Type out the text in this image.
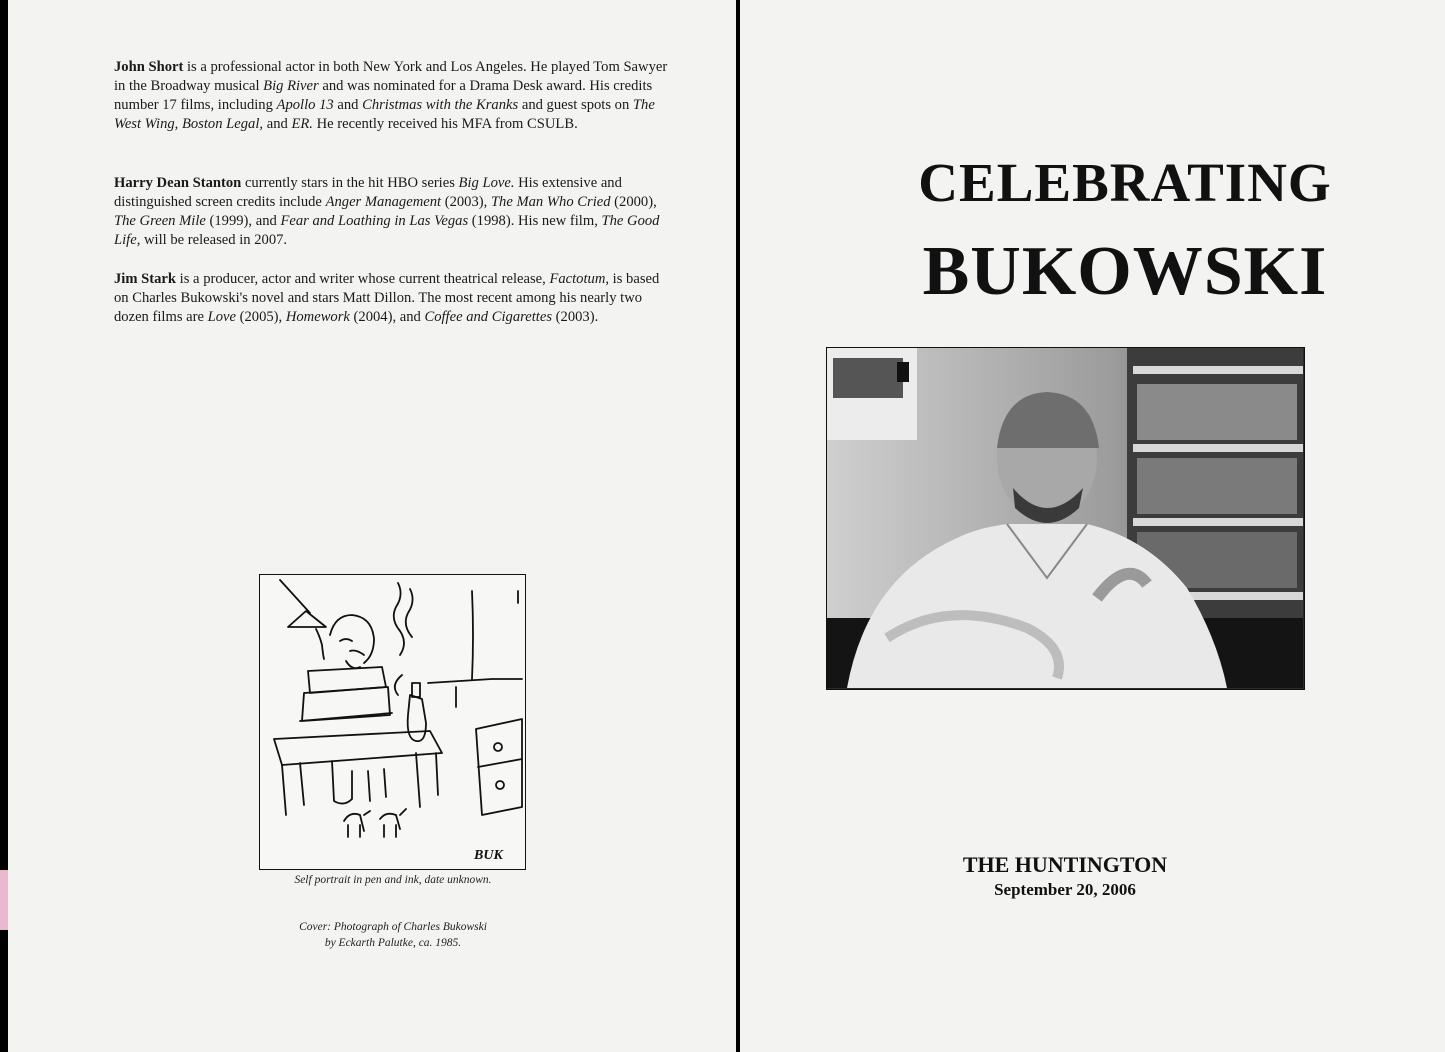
John Short is a professional actor in both New York and Los Angeles. He played Tom Sawyer in the Broadway musical Big River and was nominated for a Drama Desk award. His credits number 17 films, including Apollo 13 and Christmas with the Kranks and guest spots on The West Wing, Boston Legal, and ER. He recently received his MFA from CSULB.

Harry Dean Stanton currently stars in the hit HBO series Big Love. His extensive and distinguished screen credits include Anger Management (2003), The Man Who Cried (2000), The Green Mile (1999), and Fear and Loathing in Las Vegas (1998). His new film, The Good Life, will be released in 2007.

Jim Stark is a producer, actor and writer whose current theatrical release, Factotum, is based on Charles Bukowski's novel and stars Matt Dillon. The most recent among his nearly two dozen films are Love (2005), Homework (2004), and Coffee and Cigarettes (2003).

BUK

Self portrait in pen and ink, date unknown.

Cover: Photograph of Charles Bukowski

by Eckarth Palutke, ca. 1985.

CELEBRATING
BUKOWSKI

THE HUNTINGTON

September 20, 2006
